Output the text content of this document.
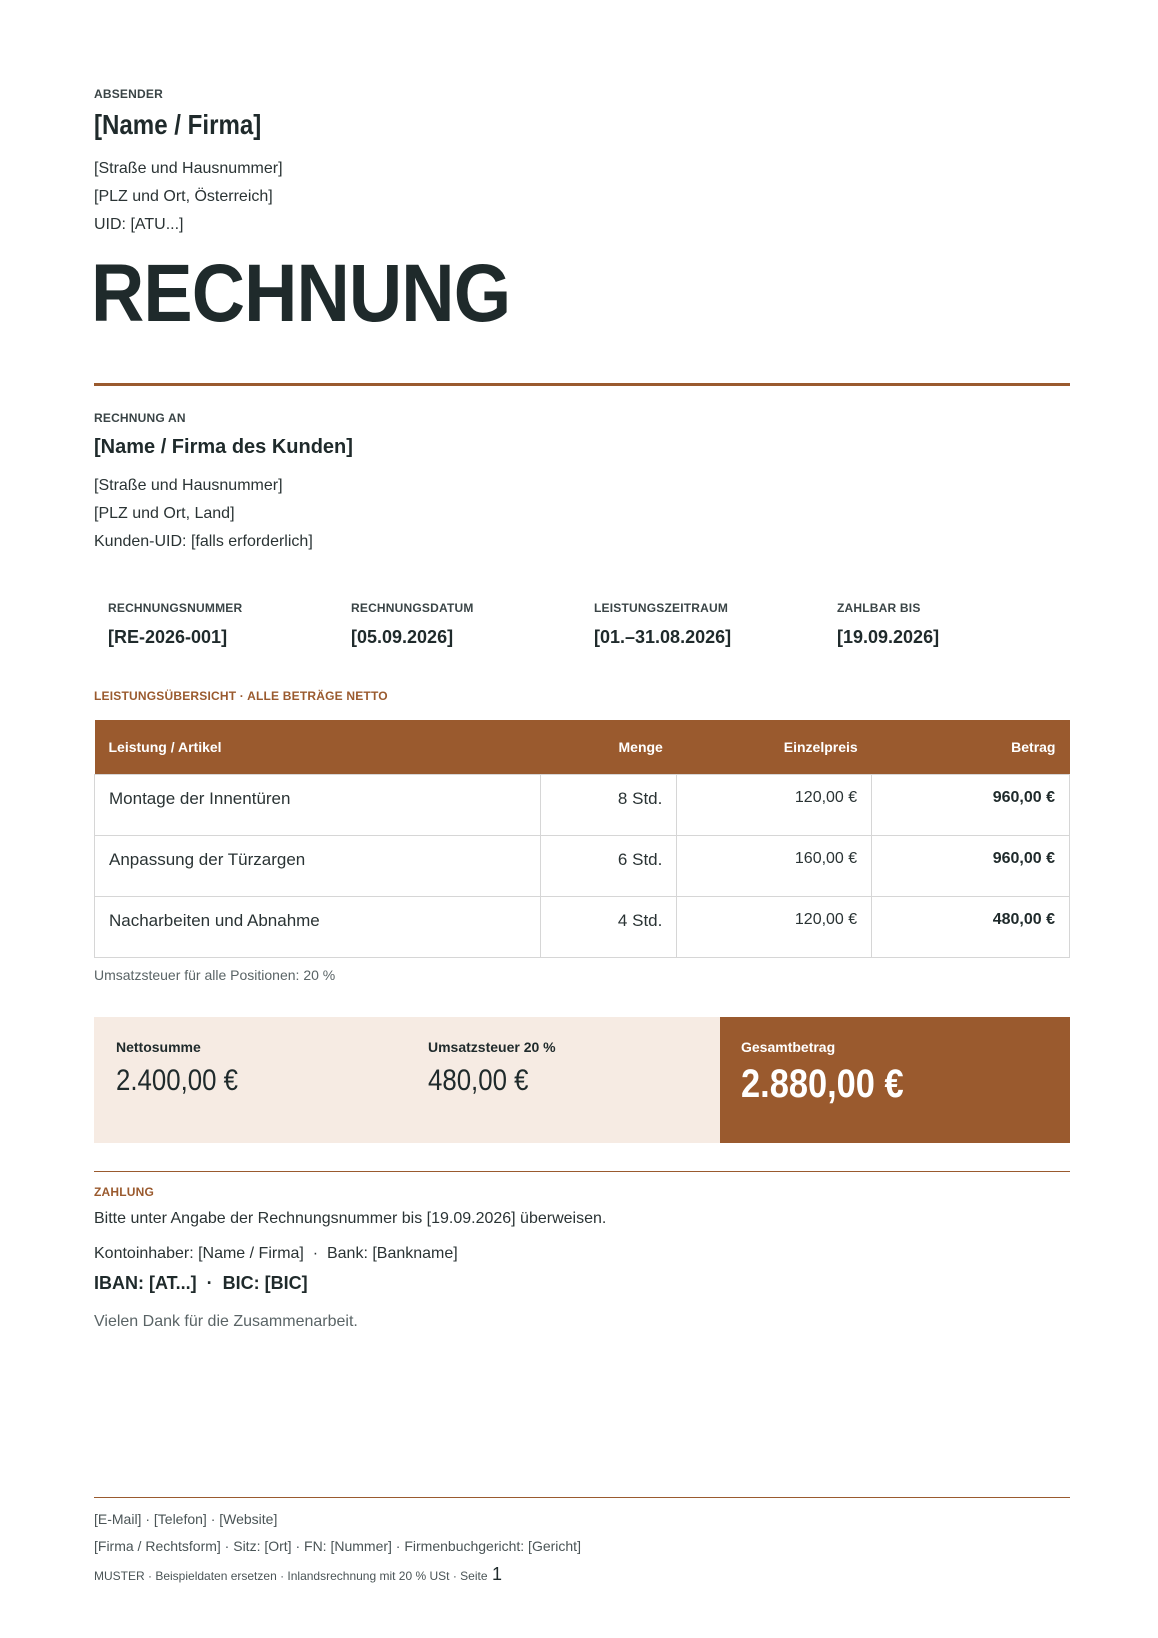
ABSENDER
[Name / Firma]
[Straße und Hausnummer]
[PLZ und Ort, Österreich]
UID: [ATU...]
RECHNUNG
RECHNUNG AN
[Name / Firma des Kunden]
[Straße und Hausnummer]
[PLZ und Ort, Land]
Kunden-UID: [falls erforderlich]
RECHNUNGSNUMMER
[RE-2026-001]
RECHNUNGSDATUM
[05.09.2026]
LEISTUNGSZEITRAUM
[01.–31.08.2026]
ZAHLBAR BIS
[19.09.2026]
LEISTUNGSÜBERSICHT · ALLE BETRÄGE NETTO
Leistung / Artikel	Menge	Einzelpreis	Betrag
Montage der Innentüren	8 Std.	120,00 €	960,00 €
Anpassung der Türzargen	6 Std.	160,00 €	960,00 €
Nacharbeiten und Abnahme	4 Std.	120,00 €	480,00 €
Umsatzsteuer für alle Positionen: 20 %
Nettosumme
2.400,00 €
Umsatzsteuer 20 %
480,00 €
Gesamtbetrag
2.880,00 €
ZAHLUNG
Bitte unter Angabe der Rechnungsnummer bis [19.09.2026] überweisen.
Kontoinhaber: [Name / Firma]  ·  Bank: [Bankname]
IBAN: [AT...]  ·  BIC: [BIC]
Vielen Dank für die Zusammenarbeit.
[E-Mail] · [Telefon] · [Website]
[Firma / Rechtsform] · Sitz: [Ort] · FN: [Nummer] · Firmenbuchgericht: [Gericht]
MUSTER · Beispieldaten ersetzen · Inlandsrechnung mit 20 % USt · Seite 1
